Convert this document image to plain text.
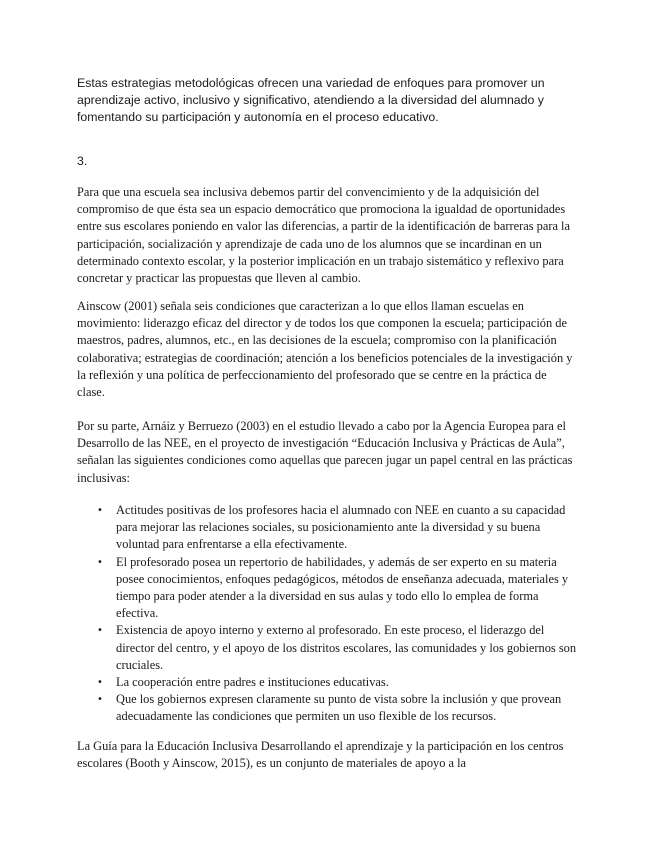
Estas estrategias metodológicas ofrecen una variedad de enfoques para promover un aprendizaje activo, inclusivo y significativo, atendiendo a la diversidad del alumnado y fomentando su participación y autonomía en el proceso educativo.

3.

Para que una escuela sea inclusiva debemos partir del convencimiento y de la adquisición del compromiso de que ésta sea un espacio democrático que promociona la igualdad de oportunidades entre sus escolares poniendo en valor las diferencias, a partir de la identificación de barreras para la participación, socialización y aprendizaje de cada uno de los alumnos que se incardinan en un determinado contexto escolar, y la posterior implicación en un trabajo sistemático y reflexivo para concretar y practicar las propuestas que lleven al cambio.

Ainscow (2001) señala seis condiciones que caracterizan a lo que ellos llaman escuelas en movimiento: liderazgo eficaz del director y de todos los que componen la escuela; participación de maestros, padres, alumnos, etc., en las decisiones de la escuela; compromiso con la planificación colaborativa; estrategias de coordinación; atención a los beneficios potenciales de la investigación y la reflexión y una política de perfeccionamiento del profesorado que se centre en la práctica de clase.

Por su parte, Arnáiz y Berruezo (2003) en el estudio llevado a cabo por la Agencia Europea para el Desarrollo de las NEE, en el proyecto de investigación “Educación Inclusiva y Prácticas de Aula”, señalan las siguientes condiciones como aquellas que parecen jugar un papel central en las prácticas inclusivas:

• Actitudes positivas de los profesores hacia el alumnado con NEE en cuanto a su capacidad para mejorar las relaciones sociales, su posicionamiento ante la diversidad y su buena voluntad para enfrentarse a ella efectivamente.
• El profesorado posea un repertorio de habilidades, y además de ser experto en su materia posee conocimientos, enfoques pedagógicos, métodos de enseñanza adecuada, materiales y tiempo para poder atender a la diversidad en sus aulas y todo ello lo emplea de forma efectiva.
• Existencia de apoyo interno y externo al profesorado. En este proceso, el liderazgo del director del centro, y el apoyo de los distritos escolares, las comunidades y los gobiernos son cruciales.
• La cooperación entre padres e instituciones educativas.
• Que los gobiernos expresen claramente su punto de vista sobre la inclusión y que provean adecuadamente las condiciones que permiten un uso flexible de los recursos.

La Guía para la Educación Inclusiva Desarrollando el aprendizaje y la participación en los centros escolares (Booth y Ainscow, 2015), es un conjunto de materiales de apoyo a la
